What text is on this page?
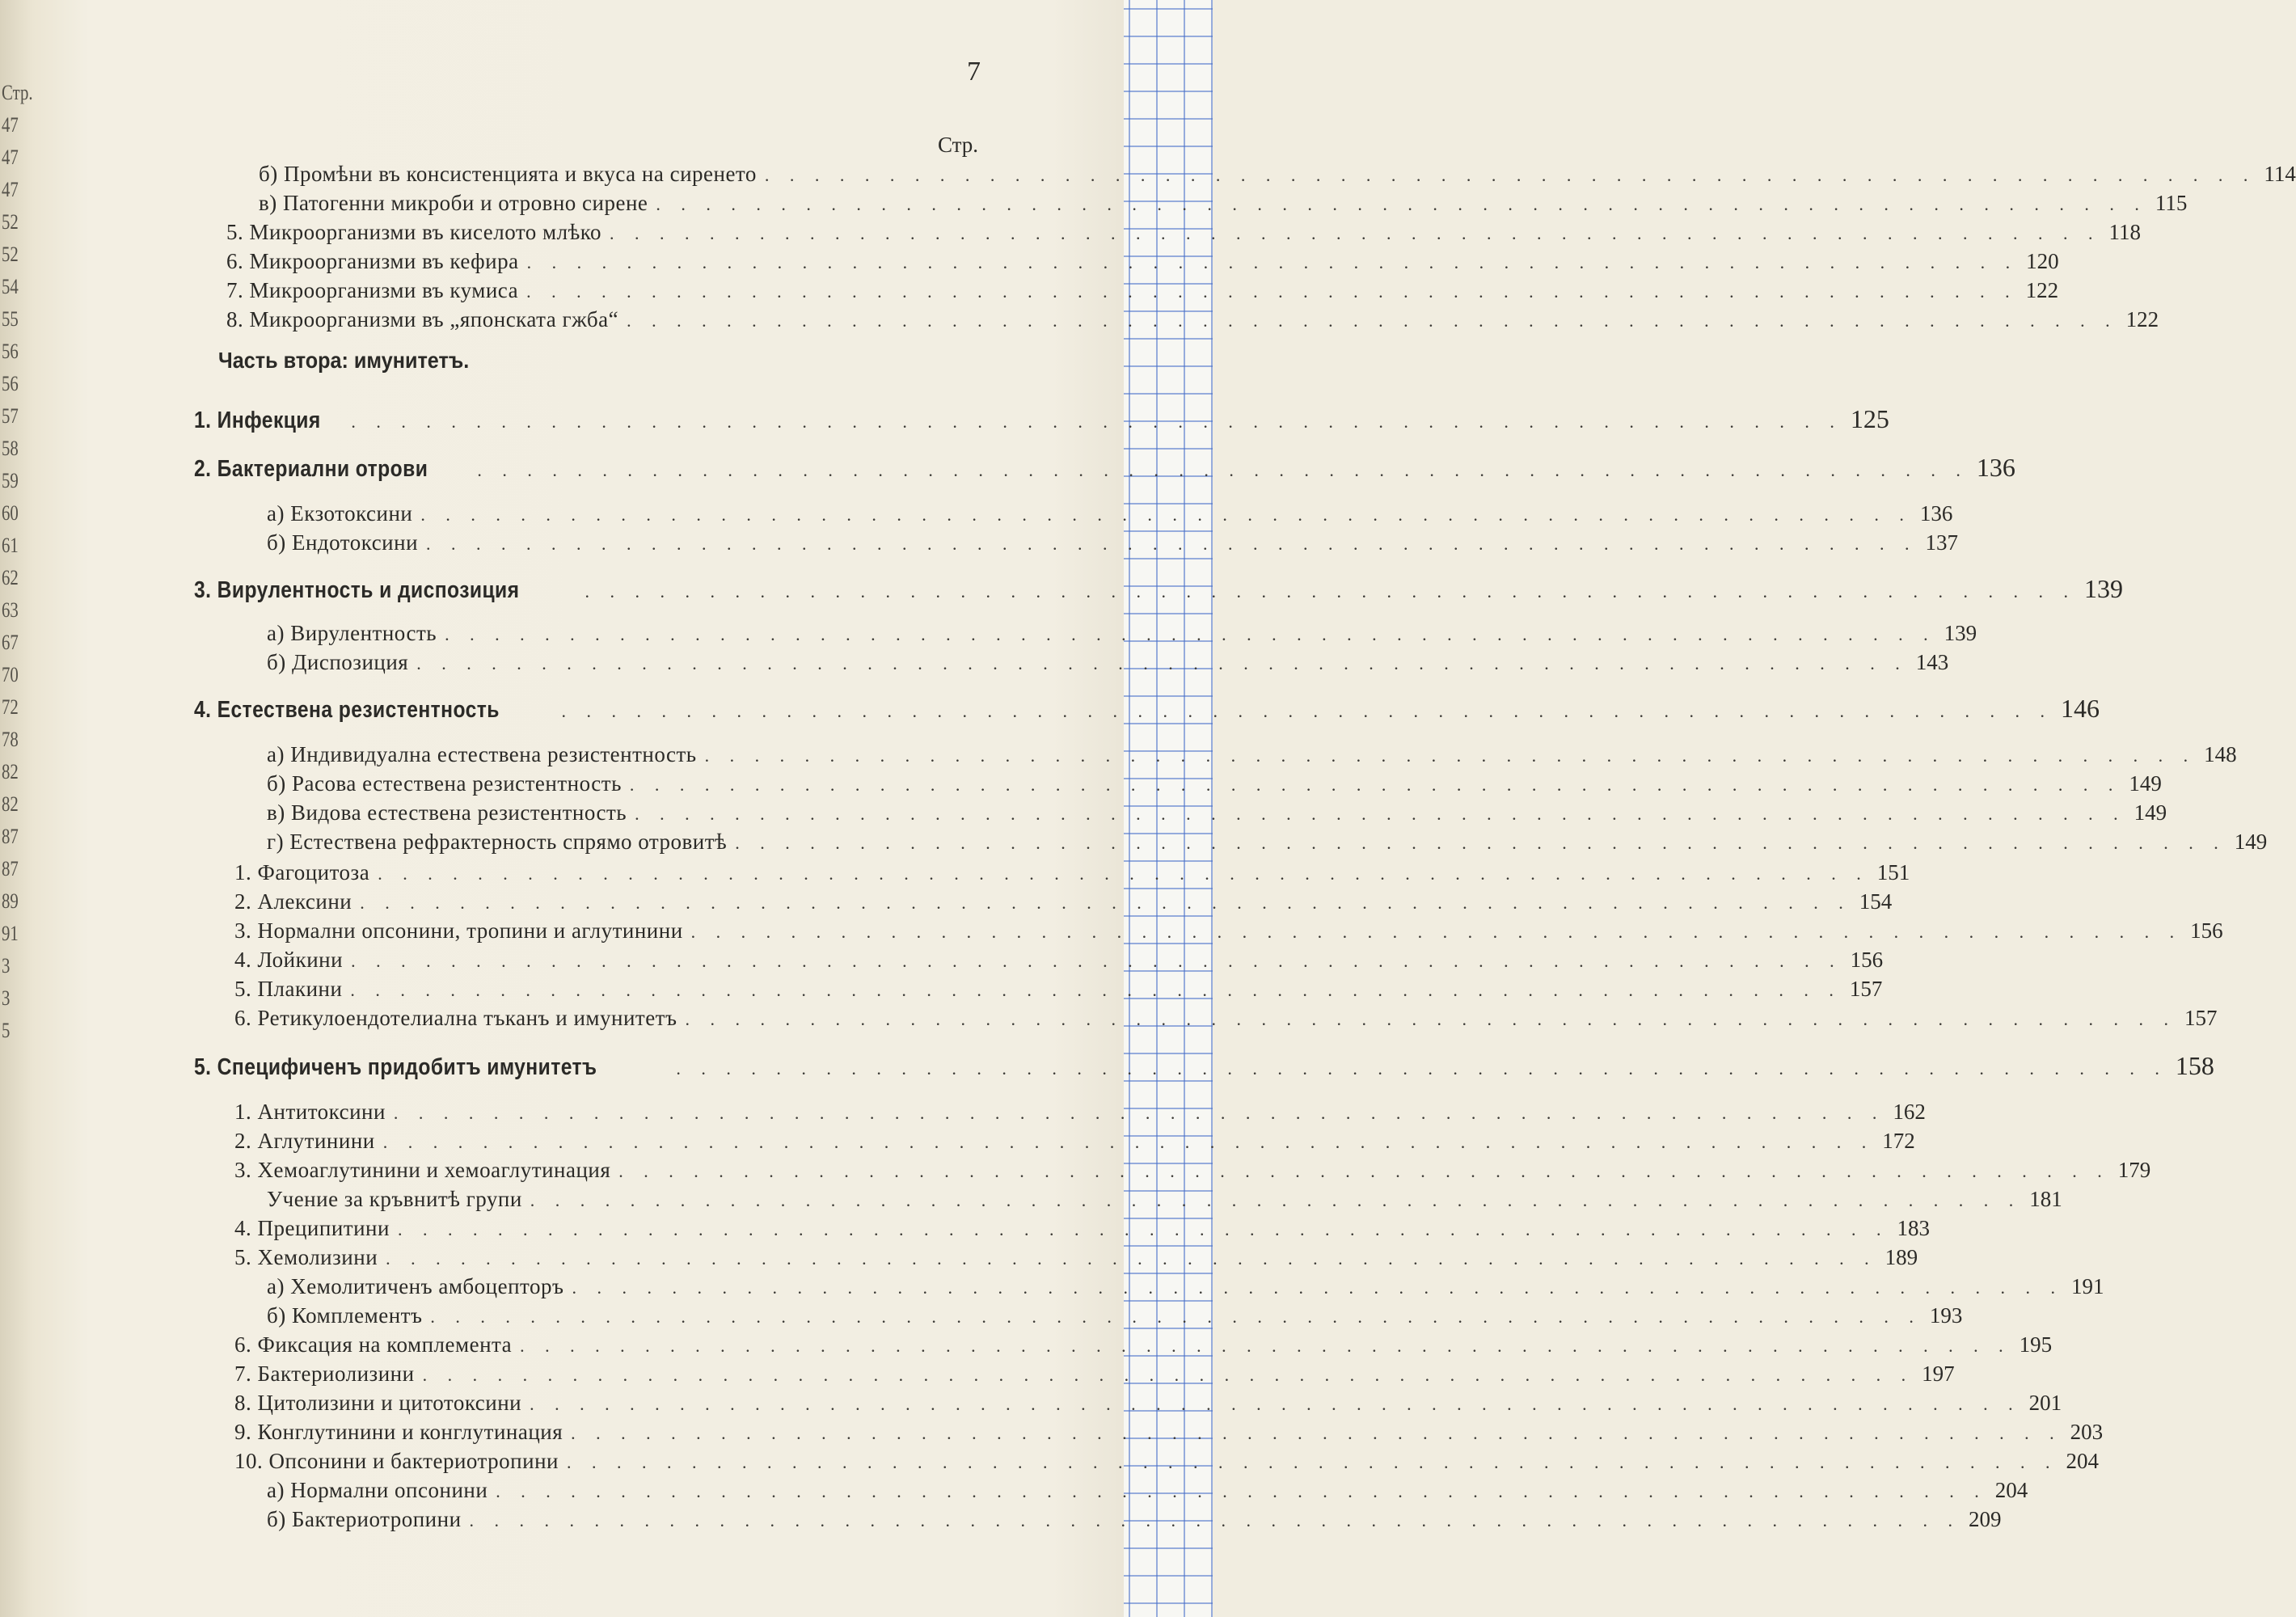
Стр.
47
47
47
52
52
54
55
56
56
57
58
59
60
61
62
63
67
70
72
78
82
82
87
87
89
91
3
3
5
7
Стр.
б) Промѣни въ консистенцията и вкуса на сиренето . . . . . . . . . . . . . . . . . . . . . . . . . . . . . . . . . . . . . . . . . . . . . . . . . . . . . . . . . . . . 114
в) Патогенни микроби и отровно сирене . . . . . . . . . . . . . . . . . . . . . . . . . . . . . . . . . . . . . . . . . . . . . . . . . . . . . . . . . . . . 115
5. Микроорганизми въ киселото млѣко . . . . . . . . . . . . . . . . . . . . . . . . . . . . . . . . . . . . . . . . . . . . . . . . . . . . . . . . . . . . 118
6. Микроорганизми въ кефира . . . . . . . . . . . . . . . . . . . . . . . . . . . . . . . . . . . . . . . . . . . . . . . . . . . . . . . . . . . . 120
7. Микроорганизми въ кумиса . . . . . . . . . . . . . . . . . . . . . . . . . . . . . . . . . . . . . . . . . . . . . . . . . . . . . . . . . . . . 122
8. Микроорганизми въ „японската гжба“ . . . . . . . . . . . . . . . . . . . . . . . . . . . . . . . . . . . . . . . . . . . . . . . . . . . . . . . . . . . . 122
1. Инфекция . . . . . . . . . . . . . . . . . . . . . . . . . . . . . . . . . . . . . . . . . . . . . . . . . . . . . . . . . . . . 125
2. Бактериални отрови	. . . . . . . . . . . . . . . . . . . . . . . . . . . . . . . . . . . . . . . . . . . . . . . . . . . . . . . . . . . . 136
а) Екзотоксини . . . . . . . . . . . . . . . . . . . . . . . . . . . . . . . . . . . . . . . . . . . . . . . . . . . . . . . . . . . . 136
б) Ендотоксини . . . . . . . . . . . . . . . . . . . . . . . . . . . . . . . . . . . . . . . . . . . . . . . . . . . . . . . . . . . . 137
3. Вирулентность и диспозиция	. . . . . . . . . . . . . . . . . . . . . . . . . . . . . . . . . . . . . . . . . . . . . . . . . . . . . . . . . . . . 139
а) Вирулентность . . . . . . . . . . . . . . . . . . . . . . . . . . . . . . . . . . . . . . . . . . . . . . . . . . . . . . . . . . . . 139
б) Диспозиция . . . . . . . . . . . . . . . . . . . . . . . . . . . . . . . . . . . . . . . . . . . . . . . . . . . . . . . . . . . . 143
4. Естествена резистентность	. . . . . . . . . . . . . . . . . . . . . . . . . . . . . . . . . . . . . . . . . . . . . . . . . . . . . . . . . . . . 146
а) Индивидуална естествена резистентность . . . . . . . . . . . . . . . . . . . . . . . . . . . . . . . . . . . . . . . . . . . . . . . . . . . . . . . . . . . . 148
б) Расова естествена резистентность . . . . . . . . . . . . . . . . . . . . . . . . . . . . . . . . . . . . . . . . . . . . . . . . . . . . . . . . . . . . 149
в) Видова естествена резистентность . . . . . . . . . . . . . . . . . . . . . . . . . . . . . . . . . . . . . . . . . . . . . . . . . . . . . . . . . . . . 149
г) Естествена рефрактерность спрямо отровитѣ . . . . . . . . . . . . . . . . . . . . . . . . . . . . . . . . . . . . . . . . . . . . . . . . . . . . . . . . . . . . 149
1. Фагоцитоза . . . . . . . . . . . . . . . . . . . . . . . . . . . . . . . . . . . . . . . . . . . . . . . . . . . . . . . . . . . . 151
2. Алексини . . . . . . . . . . . . . . . . . . . . . . . . . . . . . . . . . . . . . . . . . . . . . . . . . . . . . . . . . . . . 154
3. Нормални опсонини, тропини и аглутинини . . . . . . . . . . . . . . . . . . . . . . . . . . . . . . . . . . . . . . . . . . . . . . . . . . . . . . . . . . . . 156
4. Лойкини . . . . . . . . . . . . . . . . . . . . . . . . . . . . . . . . . . . . . . . . . . . . . . . . . . . . . . . . . . . . 156
5. Плакини . . . . . . . . . . . . . . . . . . . . . . . . . . . . . . . . . . . . . . . . . . . . . . . . . . . . . . . . . . . . 157
6. Ретикулоендотелиална тъканъ и имунитетъ . . . . . . . . . . . . . . . . . . . . . . . . . . . . . . . . . . . . . . . . . . . . . . . . . . . . . . . . . . . . 157
5. Специфиченъ придобитъ имунитетъ	. . . . . . . . . . . . . . . . . . . . . . . . . . . . . . . . . . . . . . . . . . . . . . . . . . . . . . . . . . . . 158
1. Антитоксини . . . . . . . . . . . . . . . . . . . . . . . . . . . . . . . . . . . . . . . . . . . . . . . . . . . . . . . . . . . . 162
2. Аглутинини . . . . . . . . . . . . . . . . . . . . . . . . . . . . . . . . . . . . . . . . . . . . . . . . . . . . . . . . . . . . 172
3. Хемоаглутинини и хемоаглутинация . . . . . . . . . . . . . . . . . . . . . . . . . . . . . . . . . . . . . . . . . . . . . . . . . . . . . . . . . . . . 179
Учение за кръвнитѣ групи . . . . . . . . . . . . . . . . . . . . . . . . . . . . . . . . . . . . . . . . . . . . . . . . . . . . . . . . . . . . 181
4. Преципитини . . . . . . . . . . . . . . . . . . . . . . . . . . . . . . . . . . . . . . . . . . . . . . . . . . . . . . . . . . . . 183
5. Хемолизини . . . . . . . . . . . . . . . . . . . . . . . . . . . . . . . . . . . . . . . . . . . . . . . . . . . . . . . . . . . . 189
а) Хемолитиченъ амбоцепторъ . . . . . . . . . . . . . . . . . . . . . . . . . . . . . . . . . . . . . . . . . . . . . . . . . . . . . . . . . . . . 191
б) Комплементъ . . . . . . . . . . . . . . . . . . . . . . . . . . . . . . . . . . . . . . . . . . . . . . . . . . . . . . . . . . . . 193
6. Фиксация на комплемента . . . . . . . . . . . . . . . . . . . . . . . . . . . . . . . . . . . . . . . . . . . . . . . . . . . . . . . . . . . . 195
7. Бактериолизини . . . . . . . . . . . . . . . . . . . . . . . . . . . . . . . . . . . . . . . . . . . . . . . . . . . . . . . . . . . . 197
8. Цитолизини и цитотоксини . . . . . . . . . . . . . . . . . . . . . . . . . . . . . . . . . . . . . . . . . . . . . . . . . . . . . . . . . . . . 201
9. Конглутинини и конглутинация . . . . . . . . . . . . . . . . . . . . . . . . . . . . . . . . . . . . . . . . . . . . . . . . . . . . . . . . . . . . 203
10. Опсонини и бактериотропини . . . . . . . . . . . . . . . . . . . . . . . . . . . . . . . . . . . . . . . . . . . . . . . . . . . . . . . . . . . . 204
а) Нормални опсонини . . . . . . . . . . . . . . . . . . . . . . . . . . . . . . . . . . . . . . . . . . . . . . . . . . . . . . . . . . . . 204
б) Бактериотропини . . . . . . . . . . . . . . . . . . . . . . . . . . . . . . . . . . . . . . . . . . . . . . . . . . . . . . . . . . . . 209
Часть втора: имунитетъ.
